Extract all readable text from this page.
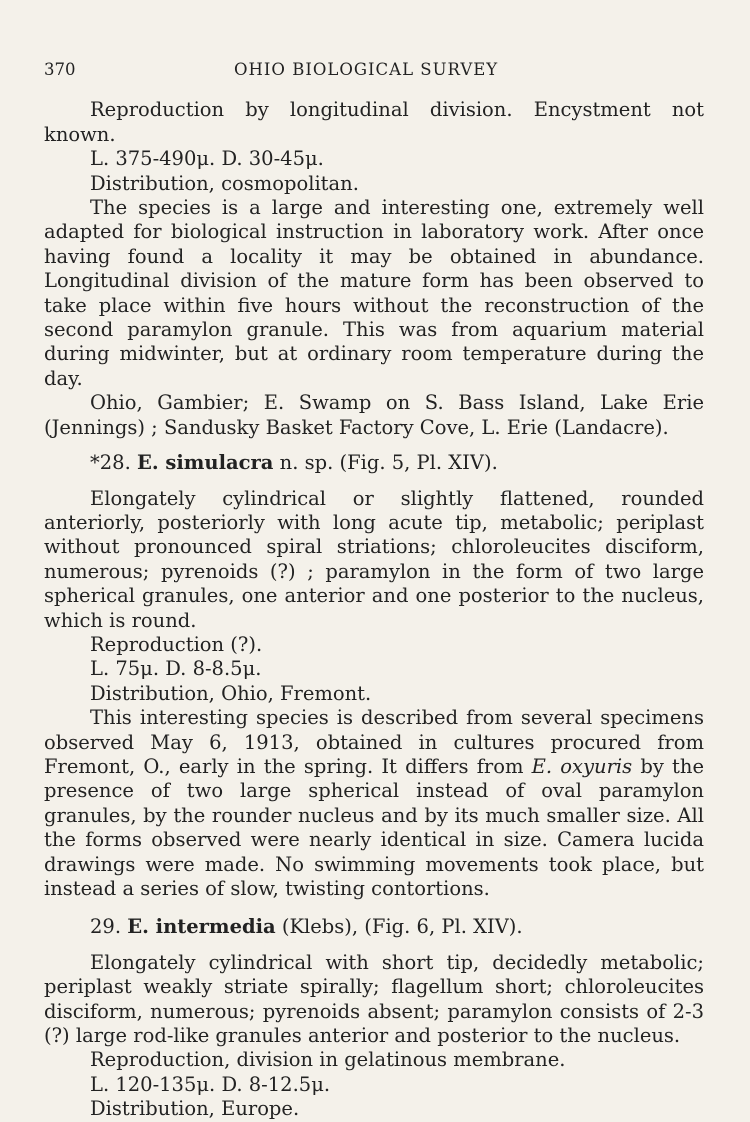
370	OHIO BIOLOGICAL SURVEY

Reproduction by longitudinal division. Encystment not known.

L. 375-490μ. D. 30-45μ.

Distribution, cosmopolitan.

The species is a large and interesting one, extremely well adapted for biological instruction in laboratory work. After once having found a locality it may be obtained in abundance. Longitudinal division of the mature form has been observed to take place within five hours without the reconstruction of the second paramylon granule. This was from aquarium material during midwinter, but at ordinary room temperature during the day.

Ohio, Gambier; E. Swamp on S. Bass Island, Lake Erie (Jennings) ; Sandusky Basket Factory Cove, L. Erie (Landacre).

*28. E. simulacra n. sp. (Fig. 5, Pl. XIV).

Elongately cylindrical or slightly flattened, rounded anteriorly, posteriorly with long acute tip, metabolic; periplast without pronounced spiral striations; chloroleucites disciform, numerous; pyrenoids (?) ; paramylon in the form of two large spherical granules, one anterior and one posterior to the nucleus, which is round.

Reproduction (?).

L. 75μ. D. 8-8.5μ.

Distribution, Ohio, Fremont.

This interesting species is described from several specimens observed May 6, 1913, obtained in cultures procured from Fremont, O., early in the spring. It differs from E. oxyuris by the presence of two large spherical instead of oval paramylon granules, by the rounder nucleus and by its much smaller size. All the forms observed were nearly identical in size. Camera lucida drawings were made. No swimming movements took place, but instead a series of slow, twisting contortions.

29. E. intermedia (Klebs), (Fig. 6, Pl. XIV).

Elongately cylindrical with short tip, decidedly metabolic; periplast weakly striate spirally; flagellum short; chloroleucites disciform, numerous; pyrenoids absent; paramylon consists of 2-3 (?) large rod-like granules anterior and posterior to the nucleus.

Reproduction, division in gelatinous membrane.

L. 120-135μ. D. 8-12.5μ.

Distribution, Europe.
